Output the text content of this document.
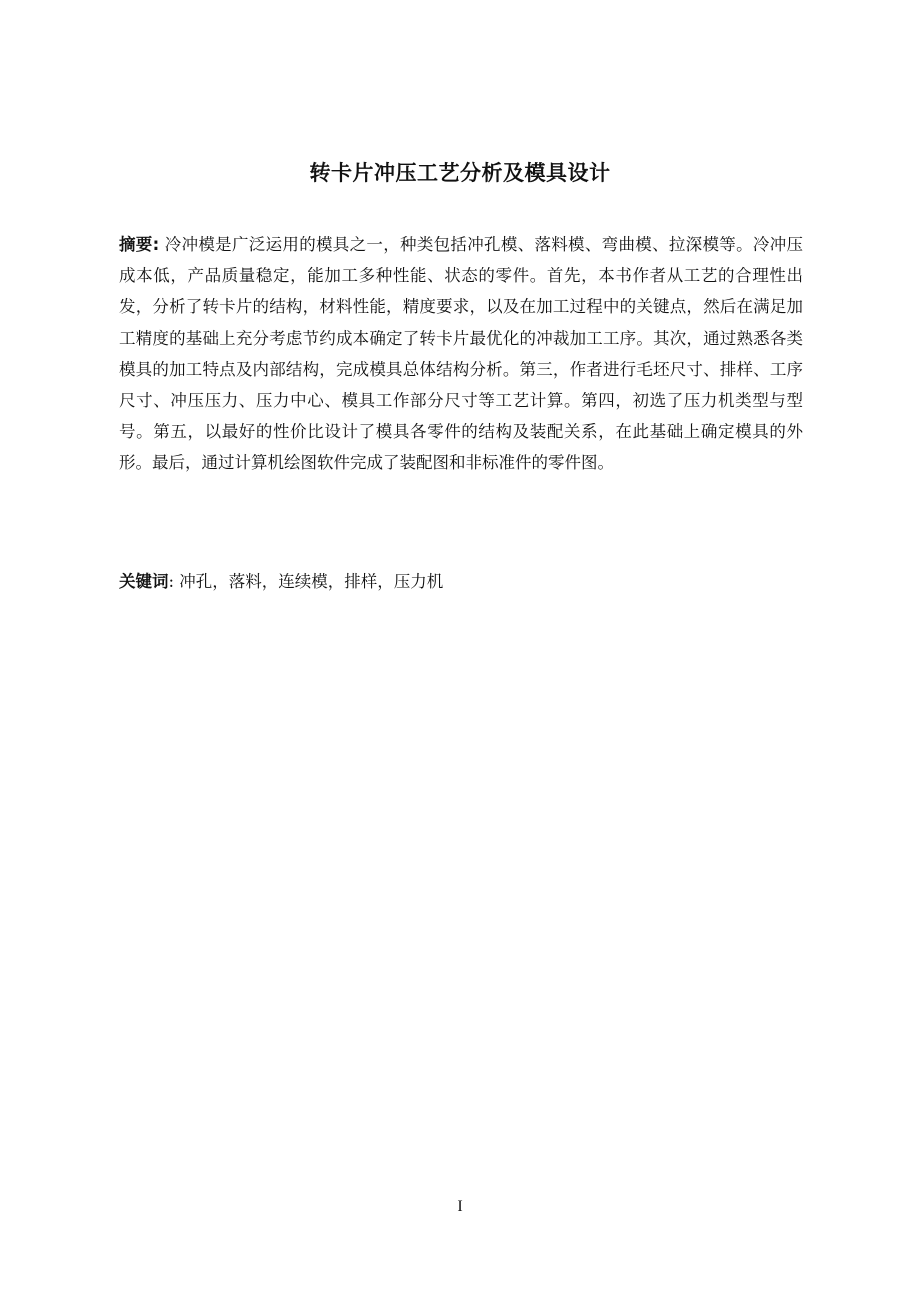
转卡片冲压工艺分析及模具设计

摘要: 冷冲模是广泛运用的模具之一，种类包括冲孔模、落料模、弯曲模、拉深模等。冷冲压成本低，产品质量稳定，能加工多种性能、状态的零件。首先，本书作者从工艺的合理性出发，分析了转卡片的结构，材料性能，精度要求，以及在加工过程中的关键点，然后在满足加工精度的基础上充分考虑节约成本确定了转卡片最优化的冲裁加工工序。其次，通过熟悉各类模具的加工特点及内部结构，完成模具总体结构分析。第三，作者进行毛坯尺寸、排样、工序尺寸、冲压压力、压力中心、模具工作部分尺寸等工艺计算。第四，初选了压力机类型与型号。第五，以最好的性价比设计了模具各零件的结构及装配关系，在此基础上确定模具的外形。最后，通过计算机绘图软件完成了装配图和非标准件的零件图。

关键词: 冲孔，落料，连续模，排样，压力机

I
